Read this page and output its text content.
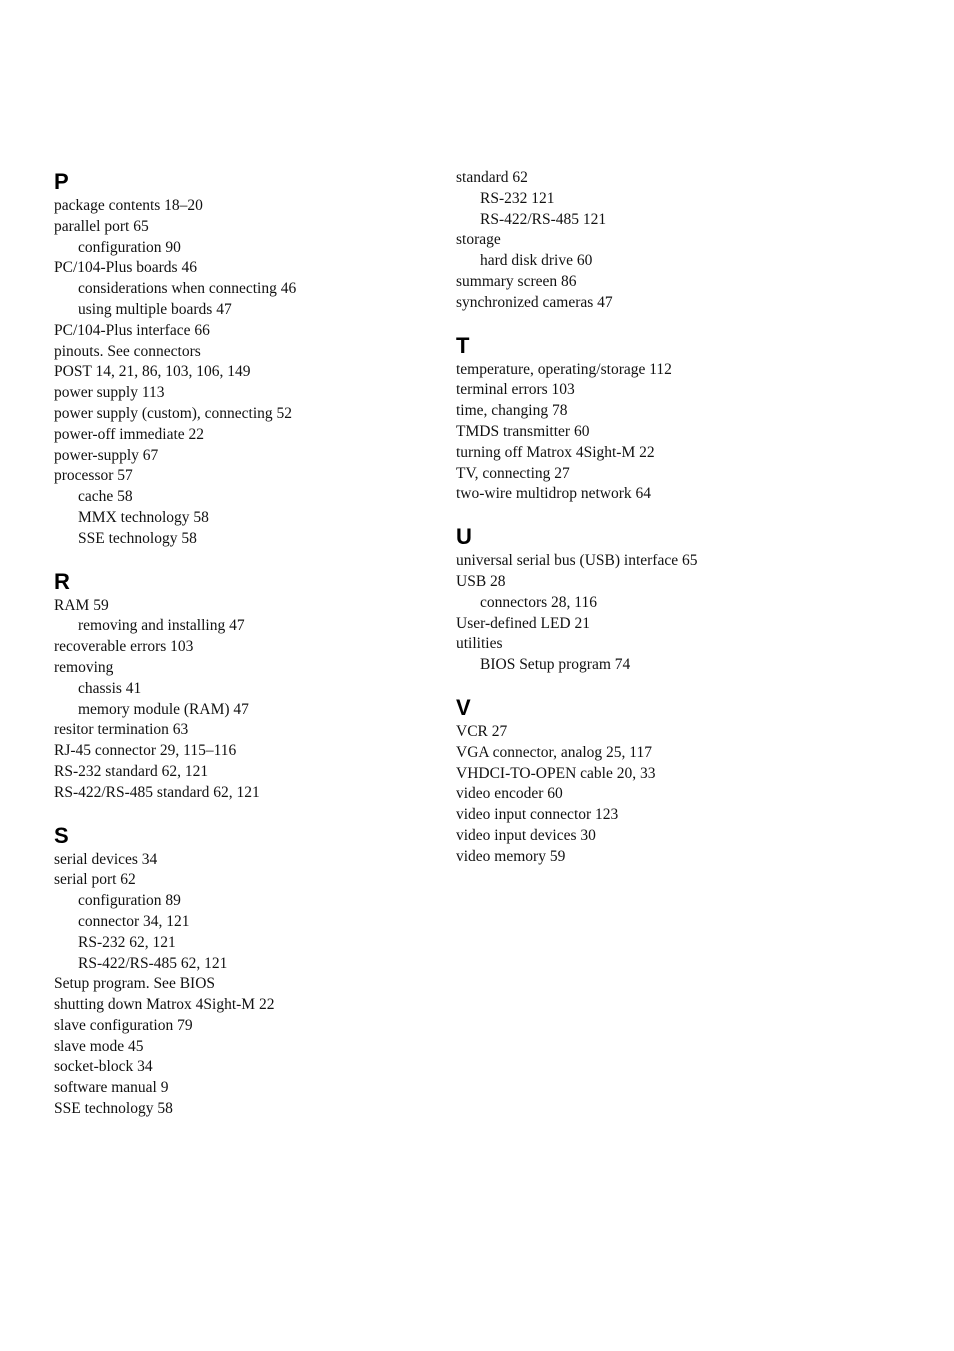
P
package contents 18–20
parallel port 65
configuration 90
PC/104-Plus boards 46
considerations when connecting 46
using multiple boards 47
PC/104-Plus interface 66
pinouts. See connectors
POST 14, 21, 86, 103, 106, 149
power supply 113
power supply (custom), connecting 52
power-off immediate 22
power-supply 67
processor 57
cache 58
MMX technology 58
SSE technology 58
R
RAM 59
removing and installing 47
recoverable errors 103
removing
chassis 41
memory module (RAM) 47
resitor termination 63
RJ-45 connector 29, 115–116
RS-232 standard 62, 121
RS-422/RS-485 standard 62, 121
S
serial devices 34
serial port 62
configuration 89
connector 34, 121
RS-232 62, 121
RS-422/RS-485 62, 121
Setup program. See BIOS
shutting down Matrox 4Sight-M 22
slave configuration 79
slave mode 45
socket-block 34
software manual 9
SSE technology 58
standard 62
RS-232 121
RS-422/RS-485 121
storage
hard disk drive 60
summary screen 86
synchronized cameras 47
T
temperature, operating/storage 112
terminal errors 103
time, changing 78
TMDS transmitter 60
turning off Matrox 4Sight-M 22
TV, connecting 27
two-wire multidrop network 64
U
universal serial bus (USB) interface 65
USB 28
connectors 28, 116
User-defined LED 21
utilities
BIOS Setup program 74
V
VCR 27
VGA connector, analog 25, 117
VHDCI-TO-OPEN cable 20, 33
video encoder 60
video input connector 123
video input devices 30
video memory 59
